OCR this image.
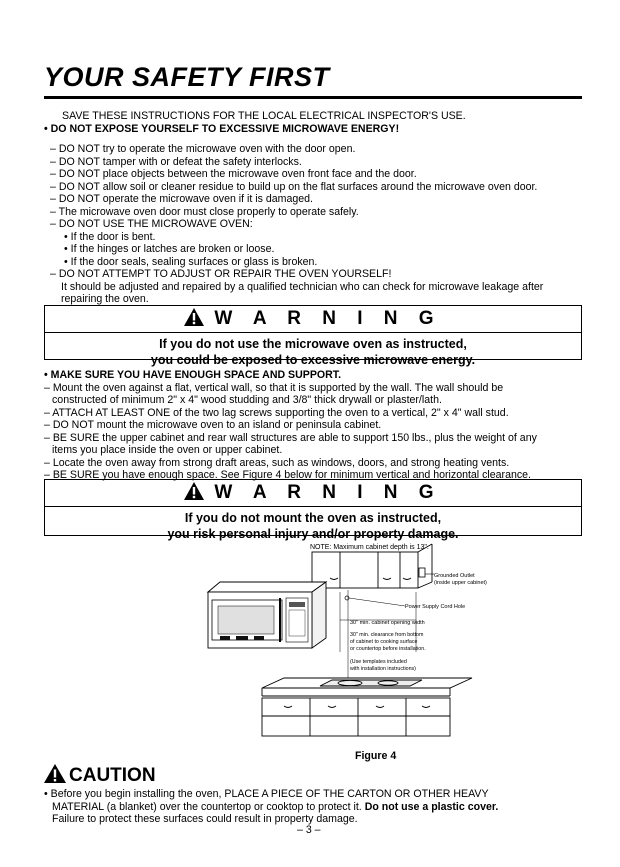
YOUR SAFETY FIRST
SAVE THESE INSTRUCTIONS FOR THE LOCAL ELECTRICAL INSPECTOR'S USE.
• DO NOT EXPOSE YOURSELF TO EXCESSIVE MICROWAVE ENERGY!
– DO NOT try to operate the microwave oven with the door open.
– DO NOT tamper with or defeat the safety interlocks.
– DO NOT place objects between the microwave oven front face and the door.
– DO NOT allow soil or cleaner residue to build up on the flat surfaces around the microwave oven door.
– DO NOT operate the microwave oven if it is damaged.
– The microwave oven door must close properly to operate safely.
– DO NOT USE THE MICROWAVE OVEN:
• If the door is bent.
• If the hinges or latches are broken or loose.
• If the door seals, sealing surfaces or glass is broken.
– DO NOT ATTEMPT TO ADJUST OR REPAIR THE OVEN YOURSELF!
It should be adjusted and repaired by a qualified technician who can check for microwave leakage after
repairing the oven.
W A R N I N G
If you do not use the microwave oven as instructed,
you could be exposed to excessive microwave energy.
• MAKE SURE YOU HAVE ENOUGH SPACE AND SUPPORT.
– Mount the oven against a flat, vertical wall, so that it is supported by the wall. The wall should be
constructed of minimum 2" x 4" wood studding and 3/8" thick drywall or plaster/lath.
– ATTACH AT LEAST ONE of the two lag screws supporting the oven to a vertical, 2" x 4" wall stud.
– DO NOT mount the microwave oven to an island or peninsula cabinet.
– BE SURE the upper cabinet and rear wall structures are able to support 150 lbs., plus the weight of any
items you place inside the oven or upper cabinet.
– Locate the oven away from strong draft areas, such as windows, doors, and strong heating vents.
– BE SURE you have enough space. See Figure 4 below for minimum vertical and horizontal clearance.
W A R N I N G
If you do not mount the oven as instructed,
you risk personal injury and/or property damage.
NOTE: Maximum cabinet depth is 13".
Grounded Outlet
(inside upper cabinet)
Power Supply Cord Hole
30" min. cabinet opening width
30" min. clearance from bottom
of cabinet to cooking surface
or countertop before installation.
(Use templates included
with installation instructions)
Figure 4
CAUTION
• Before you begin installing the oven, PLACE A PIECE OF THE CARTON OR OTHER HEAVY
MATERIAL (a blanket) over the countertop or cooktop to protect it. Do not use a plastic cover.
Failure to protect these surfaces could result in property damage.
– 3 –
